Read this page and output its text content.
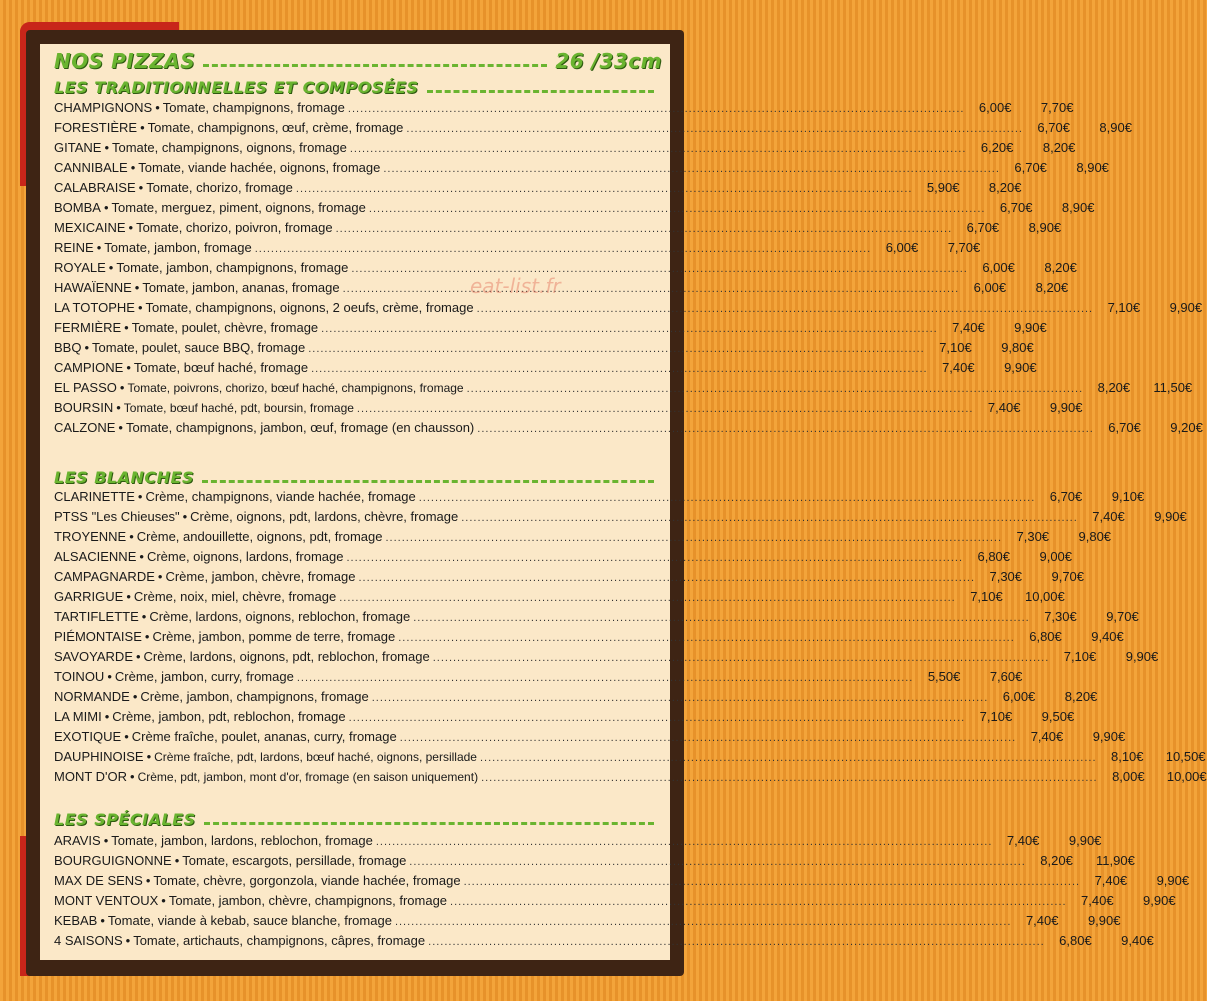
NOS PIZZAS	26 /33cm
LES TRADITIONNELLES ET COMPOSÉES
CHAMPIGNONS • Tomate, champignons, fromage .....	6,00€	7,70€
FORESTIÈRE • Tomate, champignons, œuf, crème, fromage .....	6,70€	8,90€
GITANE • Tomate, champignons, oignons, fromage .....	6,20€	8,20€
CANNIBALE • Tomate, viande hachée, oignons, fromage .....	6,70€	8,90€
CALABRAISE • Tomate, chorizo, fromage .....	5,90€	8,20€
BOMBA • Tomate, merguez, piment, oignons, fromage .....	6,70€	8,90€
MEXICAINE • Tomate, chorizo, poivron, fromage .....	6,70€	8,90€
REINE • Tomate, jambon, fromage .....	6,00€	7,70€
ROYALE • Tomate, jambon, champignons, fromage .....	6,00€	8,20€
HAWAÏENNE • Tomate, jambon, ananas, fromage .....	6,00€	8,20€
LA TOTOPHE • Tomate, champignons, oignons, 2 oeufs, crème, fromage .....	7,10€	9,90€
FERMIÈRE • Tomate, poulet, chèvre, fromage .....	7,40€	9,90€
BBQ • Tomate, poulet, sauce BBQ, fromage .....	7,10€	9,80€
CAMPIONE • Tomate, bœuf haché, fromage .....	7,40€	9,90€
EL PASSO • Tomate, poivrons, chorizo, bœuf haché, champignons, fromage .....	8,20€	11,50€
BOURSIN • Tomate, bœuf haché, pdt, boursin, fromage .....	7,40€	9,90€
CALZONE • Tomate, champignons, jambon, œuf, fromage (en chausson) .....	6,70€	9,20€
LES BLANCHES
CLARINETTE • Crème, champignons, viande hachée, fromage .....	6,70€	9,10€
PTSS "Les Chieuses" • Crème, oignons, pdt, lardons, chèvre, fromage .....	7,40€	9,90€
TROYENNE • Crème, andouillette, oignons, pdt, fromage .....	7,30€	9,80€
ALSACIENNE • Crème, oignons, lardons, fromage .....	6,80€	9,00€
CAMPAGNARDE • Crème, jambon, chèvre, fromage .....	7,30€	9,70€
GARRIGUE • Crème, noix, miel, chèvre, fromage .....	7,10€	10,00€
TARTIFLETTE • Crème, lardons, oignons, reblochon, fromage .....	7,30€	9,70€
PIÉMONTAISE • Crème, jambon, pomme de terre, fromage .....	6,80€	9,40€
SAVOYARDE • Crème, lardons, oignons, pdt, reblochon, fromage .....	7,10€	9,90€
TOINOU • Crème, jambon, curry, fromage .....	5,50€	7,60€
NORMANDE • Crème, jambon, champignons, fromage .....	6,00€	8,20€
LA MIMI • Crème, jambon, pdt, reblochon, fromage .....	7,10€	9,50€
EXOTIQUE • Crème fraîche, poulet, ananas, curry, fromage .....	7,40€	9,90€
DAUPHINOISE • Crème fraîche, pdt, lardons, bœuf haché, oignons, persillade .....	8,10€	10,50€
MONT D'OR • Crème, pdt, jambon, mont d'or, fromage (en saison uniquement) .....	8,00€	10,00€
LES SPÉCIALES
ARAVIS • Tomate, jambon, lardons, reblochon, fromage .....	7,40€	9,90€
BOURGUIGNONNE • Tomate, escargots, persillade, fromage .....	8,20€	11,90€
MAX DE SENS • Tomate, chèvre, gorgonzola, viande hachée, fromage .....	7,40€	9,90€
MONT VENTOUX • Tomate, jambon, chèvre, champignons, fromage .....	7,40€	9,90€
KEBAB • Tomate, viande à kebab, sauce blanche, fromage .....	7,40€	9,90€
4 SAISONS • Tomate, artichauts, champignons, câpres, fromage .....	6,80€	9,40€
eat-list.fr
